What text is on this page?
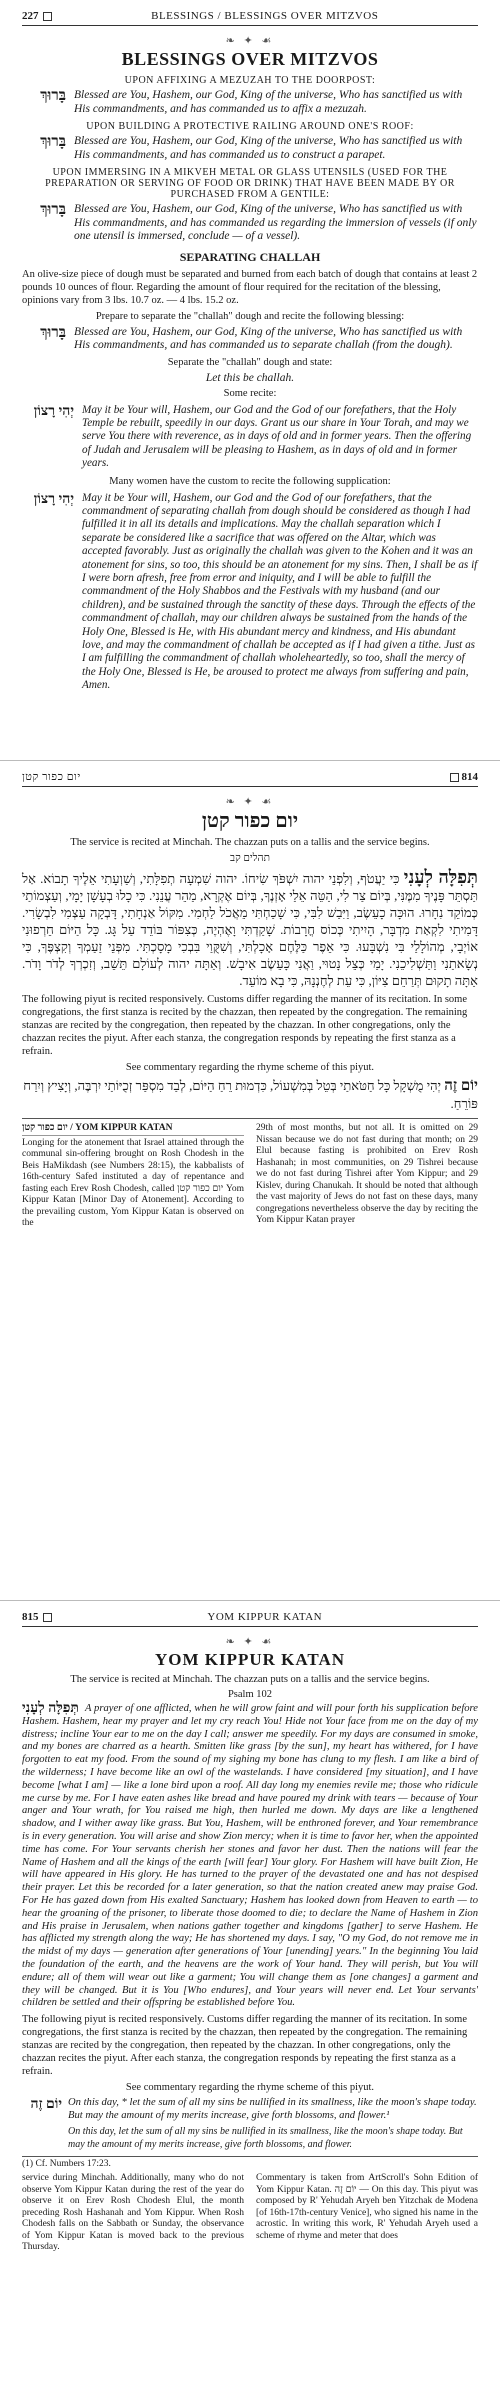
227	BLESSINGS / BLESSINGS OVER MITZVOS
❧ ✦ ☙
BLESSINGS OVER MITZVOS
UPON AFFIXING A MEZUZAH TO THE DOORPOST:
בָּרוּךְ Blessed are You, Hashem, our God, King of the universe, Who has sanctified us with His commandments, and has commanded us to affix a mezuzah.
UPON BUILDING A PROTECTIVE RAILING AROUND ONE'S ROOF:
בָּרוּךְ Blessed are You, Hashem, our God, King of the universe, Who has sanctified us with His commandments, and has commanded us to construct a parapet.
UPON IMMERSING IN A MIKVEH METAL OR GLASS UTENSILS (USED FOR THE PREPARATION OR SERVING OF FOOD OR DRINK) THAT HAVE BEEN MADE BY OR PURCHASED FROM A GENTILE:
בָּרוּךְ Blessed are You, Hashem, our God, King of the universe, Who has sanctified us with His commandments, and has commanded us regarding the immersion of vessels (if only one utensil is immersed, conclude — of a vessel).
SEPARATING CHALLAH
An olive-size piece of dough must be separated and burned from each batch of dough that contains at least 2 pounds 10 ounces of flour. Regarding the amount of flour required for the recitation of the blessing, opinions vary from 3 lbs. 10.7 oz. — 4 lbs. 15.2 oz.
Prepare to separate the "challah" dough and recite the following blessing:
בָּרוּךְ Blessed are You, Hashem, our God, King of the universe, Who has sanctified us with His commandments, and has commanded us to separate challah (from the dough).
Separate the "challah" dough and state:
Let this be challah.
Some recite:
יְהִי רָצוֹן May it be Your will, Hashem, our God and the God of our forefathers, that the Holy Temple be rebuilt, speedily in our days. Grant us our share in Your Torah, and may we serve You there with reverence, as in days of old and in former years. Then the offering of Judah and Jerusalem will be pleasing to Hashem, as in days of old and in former years.
Many women have the custom to recite the following supplication:
יְהִי רָצוֹן May it be Your will, Hashem, our God and the God of our forefathers, that the commandment of separating challah from dough should be considered as though I had fulfilled it in all its details and implications. May the challah separation which I separate be considered like a sacrifice that was offered on the Altar, which was accepted favorably. Just as originally the challah was given to the Kohen and it was an atonement for sins, so too, this should be an atonement for my sins. Then, I shall be as if I were born afresh, free from error and iniquity, and I will be able to fulfill the commandment of the Holy Shabbos and the Festivals with my husband (and our children), and be sustained through the sanctity of these days. Through the effects of the commandment of challah, may our children always be sustained from the hands of the Holy One, Blessed is He, with His abundant mercy and kindness, and His abundant love, and may the commandment of challah be accepted as if I had given a tithe. Just as I am fulfilling the commandment of challah wholeheartedly, so too, shall the mercy of the Holy One, Blessed is He, be aroused to protect me always from suffering and pain, Amen.
יום כפור קטן	814
❧ ✦ ☙
יום כפור קטן
The service is recited at Minchah. The chazzan puts on a tallis and the service begins.
תהלים קב
תְּפִלָּה לְעָנִי כִּי יַעֲטֹף, וְלִפְנֵי יהוה יִשְׁפֹּךְ שִׂיחוֹ. יהוה שִׁמְעָה תְפִלָּתִי, וְשַׁוְעָתִי אֵלֶיךָ תָבוֹא. אַל תַּסְתֵּר פָּנֶיךָ מִמֶּנִּי, בְּיוֹם צַר לִי, הַטֵּה אֵלַי אָזְנֶךָ, בְּיוֹם אֶקְרָא, מַהֵר עֲנֵנִי. כִּי כָלוּ בְעָשָׁן יָמָי, וְעַצְמוֹתַי כְּמוֹקֵד נִחָרוּ. הוּכָּה כָעֵשֶׂב, וַיִּבַשׁ לִבִּי, כִּי שָׁכַחְתִּי מֵאֲכֹל לַחְמִי. מִקּוֹל אַנְחָתִי, דָּבְקָה עַצְמִי לִבְשָׂרִי. דָּמִיתִי לִקְאַת מִדְבָּר, הָיִיתִי כְּכוֹס חֳרָבוֹת. שָׁקַדְתִּי וָאֶהְיֶה, כְּצִפּוֹר בּוֹדֵד עַל גָּג. כָּל הַיּוֹם חֵרְפוּנִי אוֹיְבָי, מְהוֹלָלַי בִּי נִשְׁבָּעוּ. כִּי אֵפֶר כַּלֶּחֶם אָכָלְתִּי, וְשִׁקֻּוַי בִּבְכִי מָסָכְתִּי. מִפְּנֵי זַעַמְךָ וְקִצְפֶּךָ, כִּי נְשָׂאתַנִי וַתַּשְׁלִיכֵנִי. יָמַי כְּצֵל נָטוּי, וַאֲנִי כָּעֵשֶׂב אִיבָשׁ. וְאַתָּה יהוה לְעוֹלָם תֵּשֵׁב, וְזִכְרְךָ לְדֹר וָדֹר. אַתָּה תָקוּם תְּרַחֵם צִיּוֹן, כִּי עֵת לְחֶנְנָהּ, כִּי בָא מוֹעֵד.
The following piyut is recited responsively. Customs differ regarding the manner of its recitation. In some congregations, the first stanza is recited by the chazzan, then repeated by the congregation. The remaining stanzas are recited by the congregation, then repeated by the chazzan. In other congregations, only the chazzan recites the piyut. After each stanza, the congregation responds by repeating the first stanza as a refrain.
See commentary regarding the rhyme scheme of this piyut.
יוֹם זֶה יְהִי מֻשְׁקָל כָּל חַטֹּאתַי בְּטֵל בְּמִשְׁעוֹל, כִּדְמוּת רֵחַ הַיּוֹם, לְבַד מִסְפַּר זְכֻיּוֹתַי יִרְבֶּה, וְיָצִיץ וְיִרַח פּוֹרֵחַ.
יום כפור קטן / YOM KIPPUR KATAN
Longing for the atonement that Israel attained through the communal sin-offering brought on Rosh Chodesh in the Beis HaMikdash (see Numbers 28:15), the kabbalists of 16th-century Safed instituted a day of repentance and fasting each Erev Rosh Chodesh, called יום כפור קטן Yom Kippur Katan [Minor Day of Atonement]. According to the prevailing custom, Yom Kippur Katan is observed on the
29th of most months, but not all. It is omitted on 29 Nissan because we do not fast during that month; on 29 Elul because fasting is prohibited on Erev Rosh Hashanah; in most communities, on 29 Tishrei because we do not fast during Tishrei after Yom Kippur; and 29 Kislev, during Chanukah. It should be noted that although the vast majority of Jews do not fast on these days, many congregations nevertheless observe the day by reciting the Yom Kippur Katan prayer
815	YOM KIPPUR KATAN
❧ ✦ ☙
YOM KIPPUR KATAN
The service is recited at Minchah. The chazzan puts on a tallis and the service begins.
Psalm 102
תְּפִלָּה לְעָנִי A prayer of one afflicted, when he will grow faint and will pour forth his supplication before Hashem. Hashem, hear my prayer and let my cry reach You! Hide not Your face from me on the day of my distress; incline Your ear to me on the day I call; answer me speedily. For my days are consumed in smoke, and my bones are charred as a hearth. Smitten like grass [by the sun], my heart has withered, for I have forgotten to eat my food. From the sound of my sighing my bone has clung to my flesh. I am like a bird of the wilderness; I have become like an owl of the wastelands. I have considered [my situation], and I have become [what I am] — like a lone bird upon a roof. All day long my enemies revile me; those who ridicule me curse by me. For I have eaten ashes like bread and have poured my drink with tears — because of Your anger and Your wrath, for You raised me high, then hurled me down. My days are like a lengthened shadow, and I wither away like grass. But You, Hashem, will be enthroned forever, and Your remembrance is in every generation. You will arise and show Zion mercy; when it is time to favor her, when the appointed time has come. For Your servants cherish her stones and favor her dust. Then the nations will fear the Name of Hashem and all the kings of the earth [will fear] Your glory. For Hashem will have built Zion, He will have appeared in His glory. He has turned to the prayer of the devastated one and has not despised their prayer. Let this be recorded for a later generation, so that the nation created anew may praise God. For He has gazed down from His exalted Sanctuary; Hashem has looked down from Heaven to earth — to hear the groaning of the prisoner, to liberate those doomed to die; to declare the Name of Hashem in Zion and His praise in Jerusalem, when nations gather together and kingdoms [gather] to serve Hashem. He has afflicted my strength along the way; He has shortened my days. I say, "O my God, do not remove me in the midst of my days — generation after generations of Your [unending] years." In the beginning You laid the foundation of the earth, and the heavens are the work of Your hand. They will perish, but You will endure; all of them will wear out like a garment; You will change them as [one changes] a garment and they will be changed. But it is You [Who endures], and Your years will never end. Let Your servants' children be settled and their offspring be established before You.
The following piyut is recited responsively. Customs differ regarding the manner of its recitation. In some congregations, the first stanza is recited by the chazzan, then repeated by the congregation. The remaining stanzas are recited by the congregation, then repeated by the chazzan. In other congregations, only the chazzan recites the piyut. After each stanza, the congregation responds by repeating the first stanza as a refrain.
See commentary regarding the rhyme scheme of this piyut.
יוֹם זֶה On this day, * let the sum of all my sins be nullified in its smallness, like the moon's shape today. But may the amount of my merits increase, give forth blossoms, and flower.¹
On this day, let the sum of all my sins be nullified in its smallness, like the moon's shape today. But may the amount of my merits increase, give forth blossoms, and flower.
(1) Cf. Numbers 17:23.
service during Minchah. Additionally, many who do not observe Yom Kippur Katan during the rest of the year do observe it on Erev Rosh Chodesh Elul, the month preceding Rosh Hashanah and Yom Kippur. When Rosh Chodesh falls on the Sabbath or Sunday, the observance of Yom Kippur Katan is moved back to the previous Thursday.
Commentary is taken from ArtScroll's Sohn Edition of Yom Kippur Katan. יוֹם זֶה — On this day. This piyut was composed by R' Yehudah Aryeh ben Yitzchak de Modena [of 16th-17th-century Venice], who signed his name in the acrostic. In writing this work, R' Yehudah Aryeh used a scheme of rhyme and meter that does
